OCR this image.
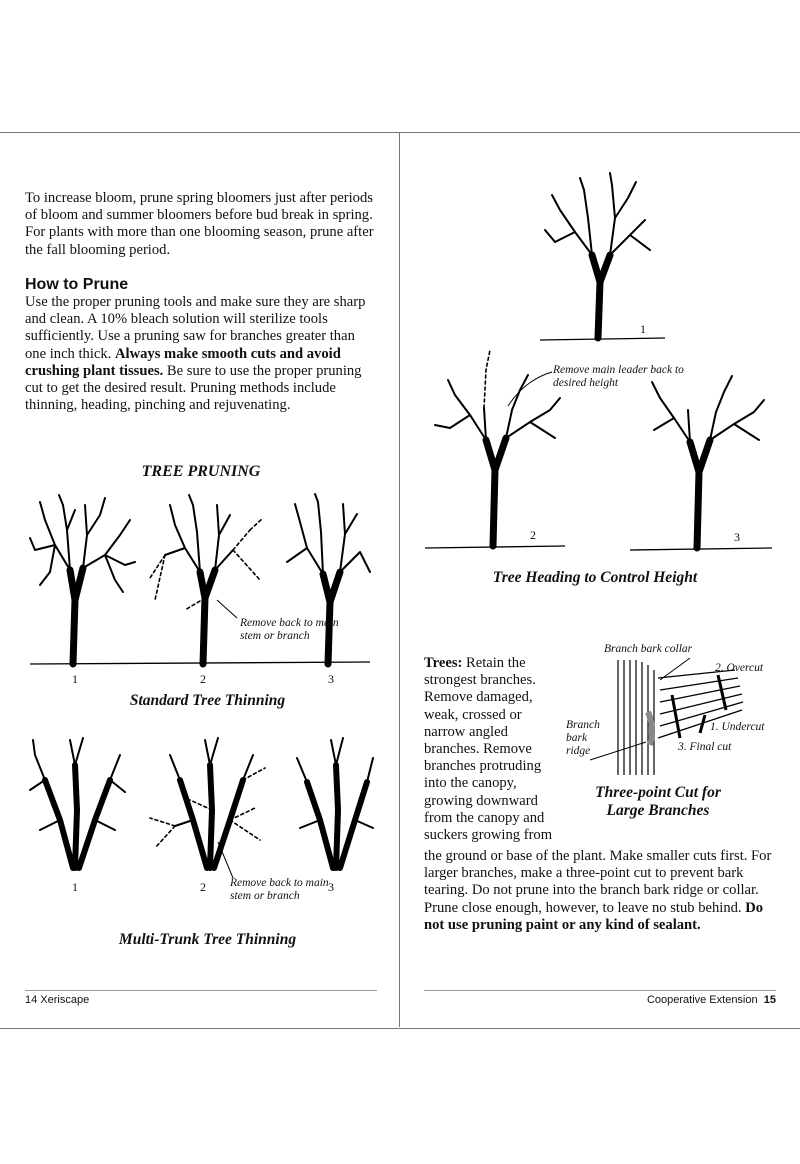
To increase bloom, prune spring bloomers just after periods of bloom and summer bloomers before bud break in spring. For plants with more than one blooming season, prune after the fall blooming period.
How to Prune
Use the proper pruning tools and make sure they are sharp and clean. A 10% bleach solution will sterilize tools sufficiently. Use a pruning saw for branches greater than one inch thick. Always make smooth cuts and avoid crushing plant tissues. Be sure to use the proper pruning cut to get the desired result. Pruning methods include thinning, heading, pinching and rejuvenating.
TREE PRUNING
Remove back to main stem or branch
1	2	3
Standard Tree Thinning
Remove back to main stem or branch
1	2	3
Multi-Trunk Tree Thinning
14 Xeriscape
1
Remove main leader back to desired height
2	3
Tree Heading to Control Height
Branch bark collar
2. Overcut
1. Undercut
3. Final cut
Branch bark ridge
Three-point Cut for
Large Branches
Trees: Retain the strongest branches. Remove damaged, weak, crossed or narrow angled branches. Remove branches protruding into the canopy, growing downward from the canopy and suckers growing from
the ground or base of the plant. Make smaller cuts first. For larger branches, make a three-point cut to prevent bark tearing. Do not prune into the branch bark ridge or collar. Prune close enough, however, to leave no stub behind. Do not use pruning paint or any kind of sealant.
Cooperative Extension 15
